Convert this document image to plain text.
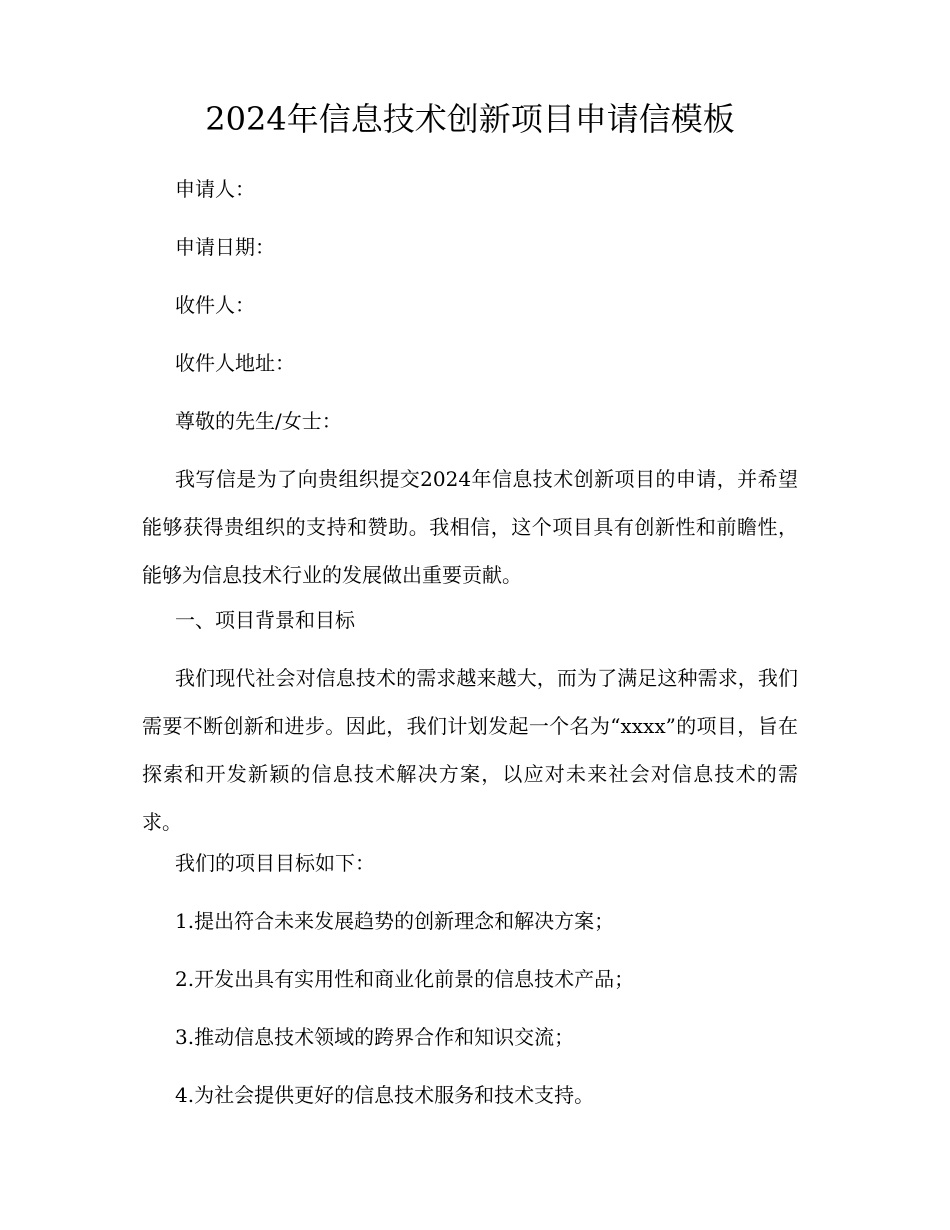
2024年信息技术创新项目申请信模板
申请人：
申请日期：
收件人：
收件人地址：
尊敬的先生/女士：
我写信是为了向贵组织提交2024年信息技术创新项目的申请，并希望能够获得贵组织的支持和赞助。我相信，这个项目具有创新性和前瞻性，能够为信息技术行业的发展做出重要贡献。
一、项目背景和目标
我们现代社会对信息技术的需求越来越大，而为了满足这种需求，我们需要不断创新和进步。因此，我们计划发起一个名为“xxxx”的项目，旨在探索和开发新颖的信息技术解决方案，以应对未来社会对信息技术的需求。
我们的项目目标如下：
1.提出符合未来发展趋势的创新理念和解决方案；
2.开发出具有实用性和商业化前景的信息技术产品；
3.推动信息技术领域的跨界合作和知识交流；
4.为社会提供更好的信息技术服务和技术支持。
